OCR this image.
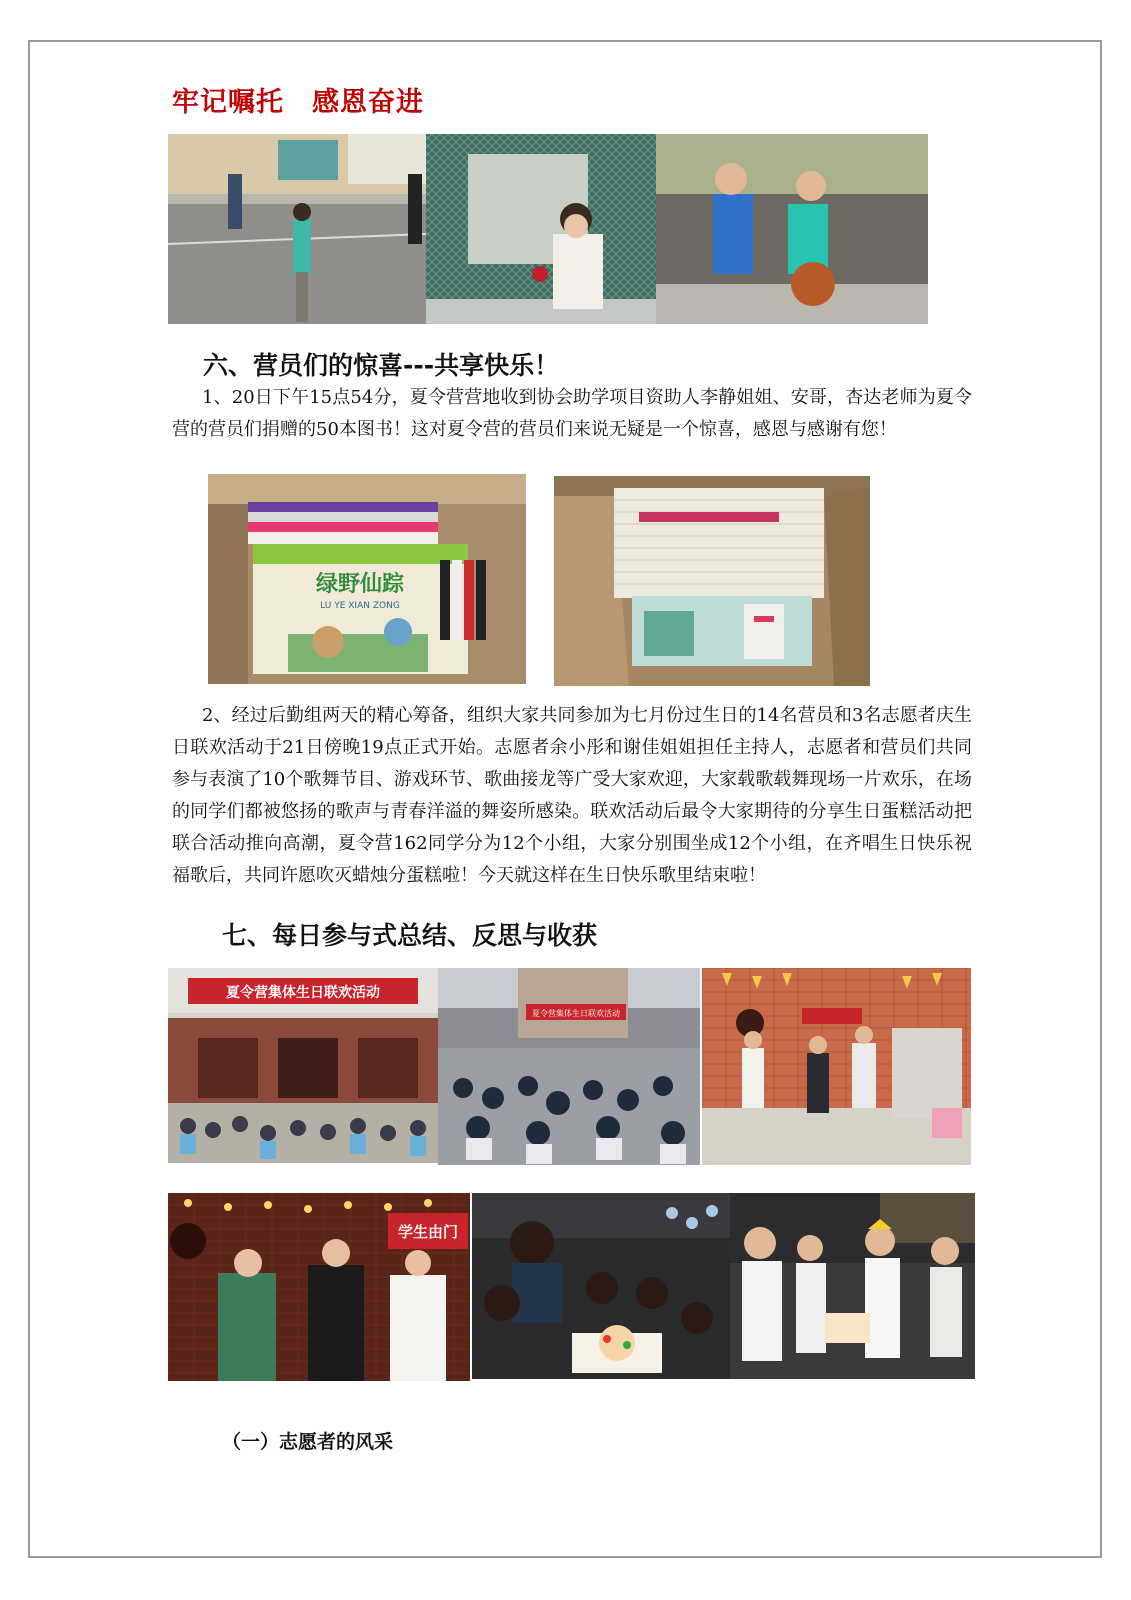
牢记嘱托　感恩奋进
六、营员们的惊喜---共享快乐！
1、20日下午15点54分，夏令营营地收到协会助学项目资助人李静姐姐、安哥，杏达老师为夏令营的营员们捐赠的50本图书！这对夏令营的营员们来说无疑是一个惊喜，感恩与感谢有您！
绿野仙踪
LU YE XIAN ZONG
2、经过后勤组两天的精心筹备，组织大家共同参加为七月份过生日的14名营员和3名志愿者庆生日联欢活动于21日傍晚19点正式开始。志愿者余小彤和谢佳姐姐担任主持人，志愿者和营员们共同参与表演了10个歌舞节目、游戏环节、歌曲接龙等广受大家欢迎，大家载歌载舞现场一片欢乐，在场的同学们都被悠扬的歌声与青春洋溢的舞姿所感染。联欢活动后最令大家期待的分享生日蛋糕活动把联合活动推向高潮，夏令营162同学分为12个小组，大家分别围坐成12个小组，在齐唱生日快乐祝福歌后，共同许愿吹灭蜡烛分蛋糕啦！今天就这样在生日快乐歌里结束啦！
七、每日参与式总结、反思与收获
夏令营集体生日联欢活动
夏令营集体生日联欢活动
学生由门
（一）志愿者的风采
